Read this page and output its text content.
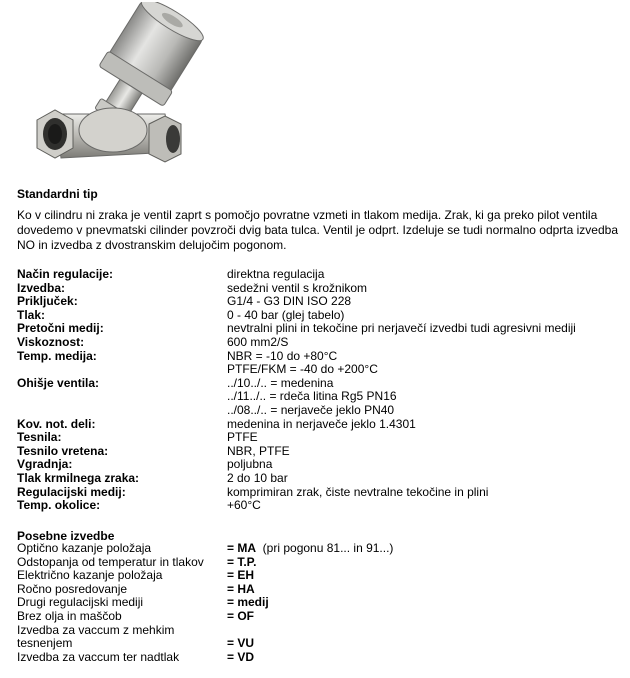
Standardni tip
Ko v cilindru ni zraka je ventil zaprt s pomočjo povratne vzmeti in tlakom medija. Zrak, ki ga preko pilot ventila dovedemo v pnevmatski cilinder povzroči dvig bata tulca. Ventil je odprt. Izdeluje se tudi normalno odprta izvedba NO in izvedba z dvostranskim delujočim pogonom.
Način regulacije:	direktna regulacija
Izvedba:	sedežni ventil s krožnikom
Priključek:	G1/4 - G3 DIN ISO 228
Tlak:	0 - 40 bar (glej tabelo)
Pretočni medij:	nevtralni plini in tekočine pri nerjavečí izvedbi tudi agresivni mediji
Viskoznost:	600 mm2/S
Temp. medija:	NBR = -10 do +80°C
PTFE/FKM = -40 do +200°C
Ohišje ventila:	../10../.. = medenina
../11../.. = rdeča litina Rg5 PN16
../08../.. = nerjaveče jeklo PN40
Kov. not. deli:	medenina in nerjaveče jeklo 1.4301
Tesnila:	PTFE
Tesnilo vretena:	NBR, PTFE
Vgradnja:	poljubna
Tlak krmilnega zraka:	2 do 10 bar
Regulacijski medij:	komprimiran zrak, čiste nevtralne tekočine in plini
Temp. okolice:	+60°C
Posebne izvedbe
Optično kazanje položaja	= MA  (pri pogonu 81... in 91...)
Odstopanja od temperatur in tlakov = T.P.
Električno kazanje položaja	= EH
Ročno posredovanje	= HA
Drugi regulacijski mediji	= medij
Brez olja in maščob	= OF
Izvedba za vaccum z mehkim
tesnenjem	= VU
Izvedba za vaccum ter nadtlak	= VD
